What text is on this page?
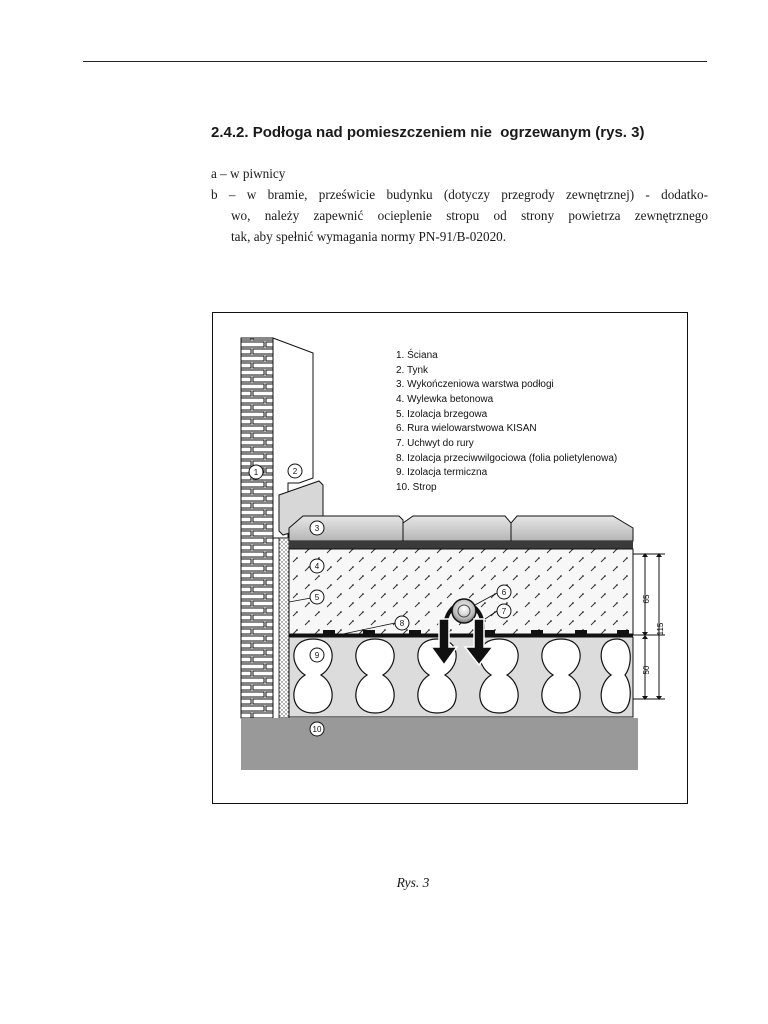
2.4.2. Podłoga nad pomieszczeniem nie  ogrzewanym (rys. 3)
a – w piwnicy
b – w bramie, prześwicie budynku (dotyczy przegrody zewnętrznej) - dodatko-
wo, należy zapewnić ocieplenie stropu od strony powietrza zewnętrznego
tak, aby spełnić wymagania normy PN-91/B-02020.
65
50
115
1	2
3
4
5
6
7
8
9
10
1. Ściana
2. Tynk
3. Wykończeniowa warstwa podłogi
4. Wylewka betonowa
5. Izolacja brzegowa
6. Rura wielowarstwowa KISAN
7. Uchwyt do rury
8. Izolacja przeciwwilgociowa (folia polietylenowa)
9. Izolacja termiczna
10. Strop
Rys. 3
